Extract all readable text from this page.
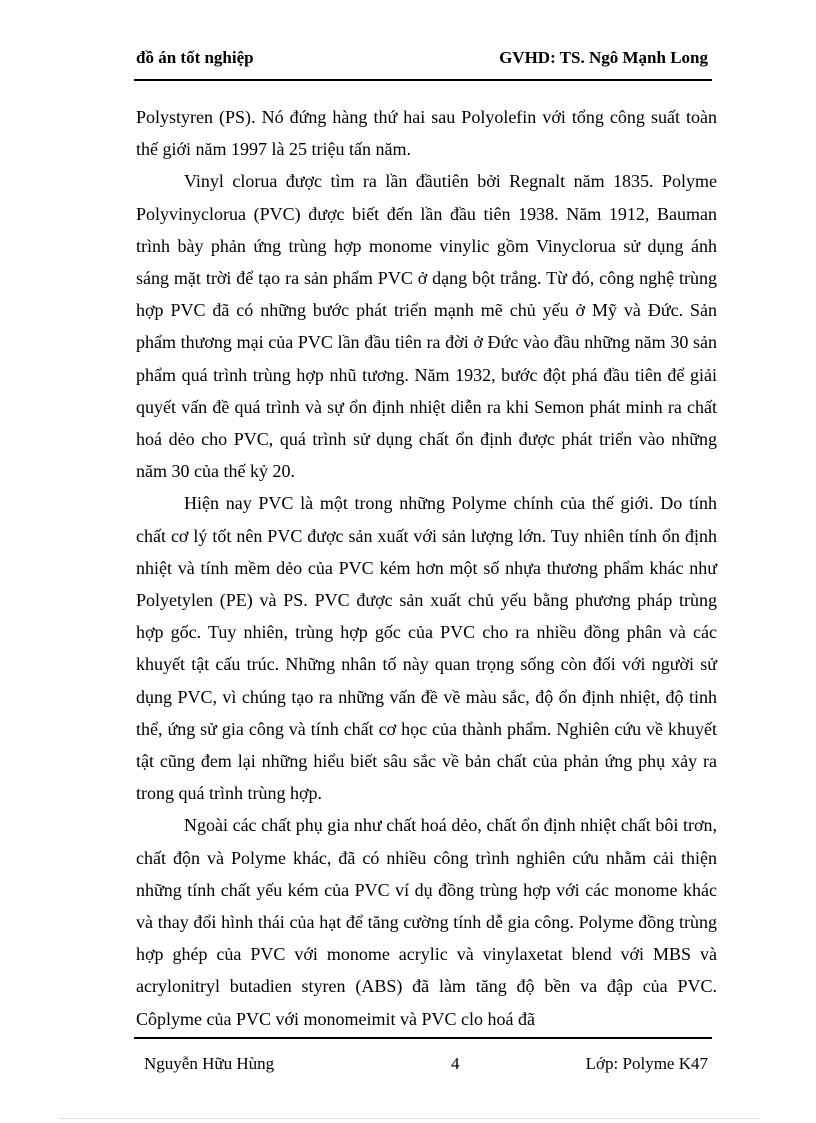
đồ án tốt nghiệp	GVHD: TS. Ngô Mạnh Long

Polystyren (PS). Nó đứng hàng thứ hai sau Polyolefin với tổng công suất toàn thế giới năm 1997 là 25 triệu tấn năm.

Vinyl clorua được tìm ra lần đầutiên bởi Regnalt năm 1835. Polyme Polyvinyclorua (PVC) được biết đến lần đầu tiên 1938. Năm 1912, Bauman trình bày phản ứng trùng hợp monome vinylic gồm Vinyclorua sử dụng ánh sáng mặt trời để tạo ra sản phẩm PVC ở dạng bột trắng. Từ đó, công nghệ trùng hợp PVC đã có những bước phát triển mạnh mẽ chủ yếu ở Mỹ và Đức. Sản phẩm thương mại của PVC lần đầu tiên ra đời ở Đức vào đầu những năm 30 sản phẩm quá trình trùng hợp nhũ tương. Năm 1932, bước đột phá đầu tiên để giải quyết vấn đề quá trình và sự ổn định nhiệt diễn ra khi Semon phát minh ra chất hoá dẻo cho PVC, quá trình sử dụng chất ổn định được phát triển vào những năm 30 của thế kỷ 20.

Hiện nay PVC là một trong những Polyme chính của thế giới. Do tính chất cơ lý tốt nên PVC được sản xuất với sản lượng lớn. Tuy nhiên tính ổn định nhiệt và tính mềm dẻo của PVC kém hơn một số nhựa thương phẩm khác như Polyetylen (PE) và PS. PVC được sản xuất chủ yếu bằng phương pháp trùng hợp gốc. Tuy nhiên, trùng hợp gốc của PVC cho ra nhiều đồng phân và các khuyết tật cấu trúc. Những nhân tố này quan trọng sống còn đối với người sử dụng PVC, vì chúng tạo ra những vấn đề về màu sắc, độ ổn định nhiệt, độ tinh thể, ứng sử gia công và tính chất cơ học của thành phẩm. Nghiên cứu về khuyết tật cũng đem lại những hiểu biết sâu sắc về bản chất của phản ứng phụ xảy ra trong quá trình trùng hợp.

Ngoài các chất phụ gia như chất hoá dẻo, chất ổn định nhiệt chất bôi trơn, chất độn và Polyme khác, đã có nhiều công trình nghiên cứu nhằm cải thiện những tính chất yếu kém của PVC ví dụ đồng trùng hợp với các monome khác và thay đổi hình thái của hạt để tăng cường tính dễ gia công. Polyme đồng trùng hợp ghép của PVC với monome acrylic và vinylaxetat blend với MBS và acrylonitryl butadien styren (ABS) đã làm tăng độ bền va đập của PVC. Côplyme của PVC với monomeimit và PVC clo hoá đã

Nguyễn Hữu Hùng	4	Lớp: Polyme K47
